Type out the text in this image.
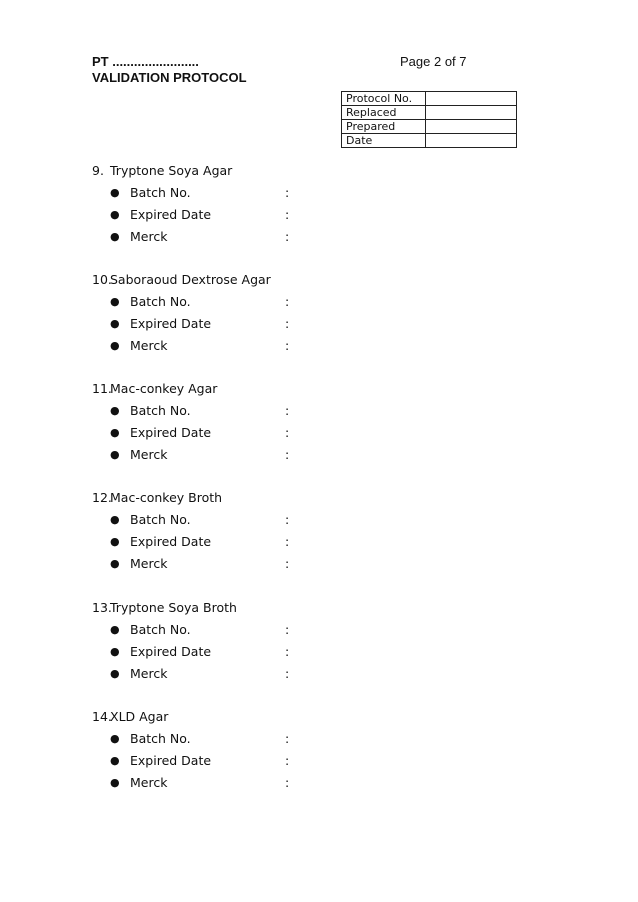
PT ........................
VALIDATION PROTOCOL
Page 2 of 7
Protocol No.	
Replaced	
Prepared	
Date	
9. Tryptone Soya Agar
● Batch No.	:
● Expired Date	:
● Merck	:
10.
Saboraoud Dextrose Agar
● Batch No.	:
● Expired Date	:
● Merck	:
11.
Mac-conkey Agar
● Batch No.	:
● Expired Date	:
● Merck	:
12.
Mac-conkey Broth
● Batch No.	:
● Expired Date	:
● Merck	:
13.
Tryptone Soya Broth
● Batch No.	:
● Expired Date	:
● Merck	:
14.
XLD Agar
● Batch No.	:
● Expired Date	:
● Merck	:
